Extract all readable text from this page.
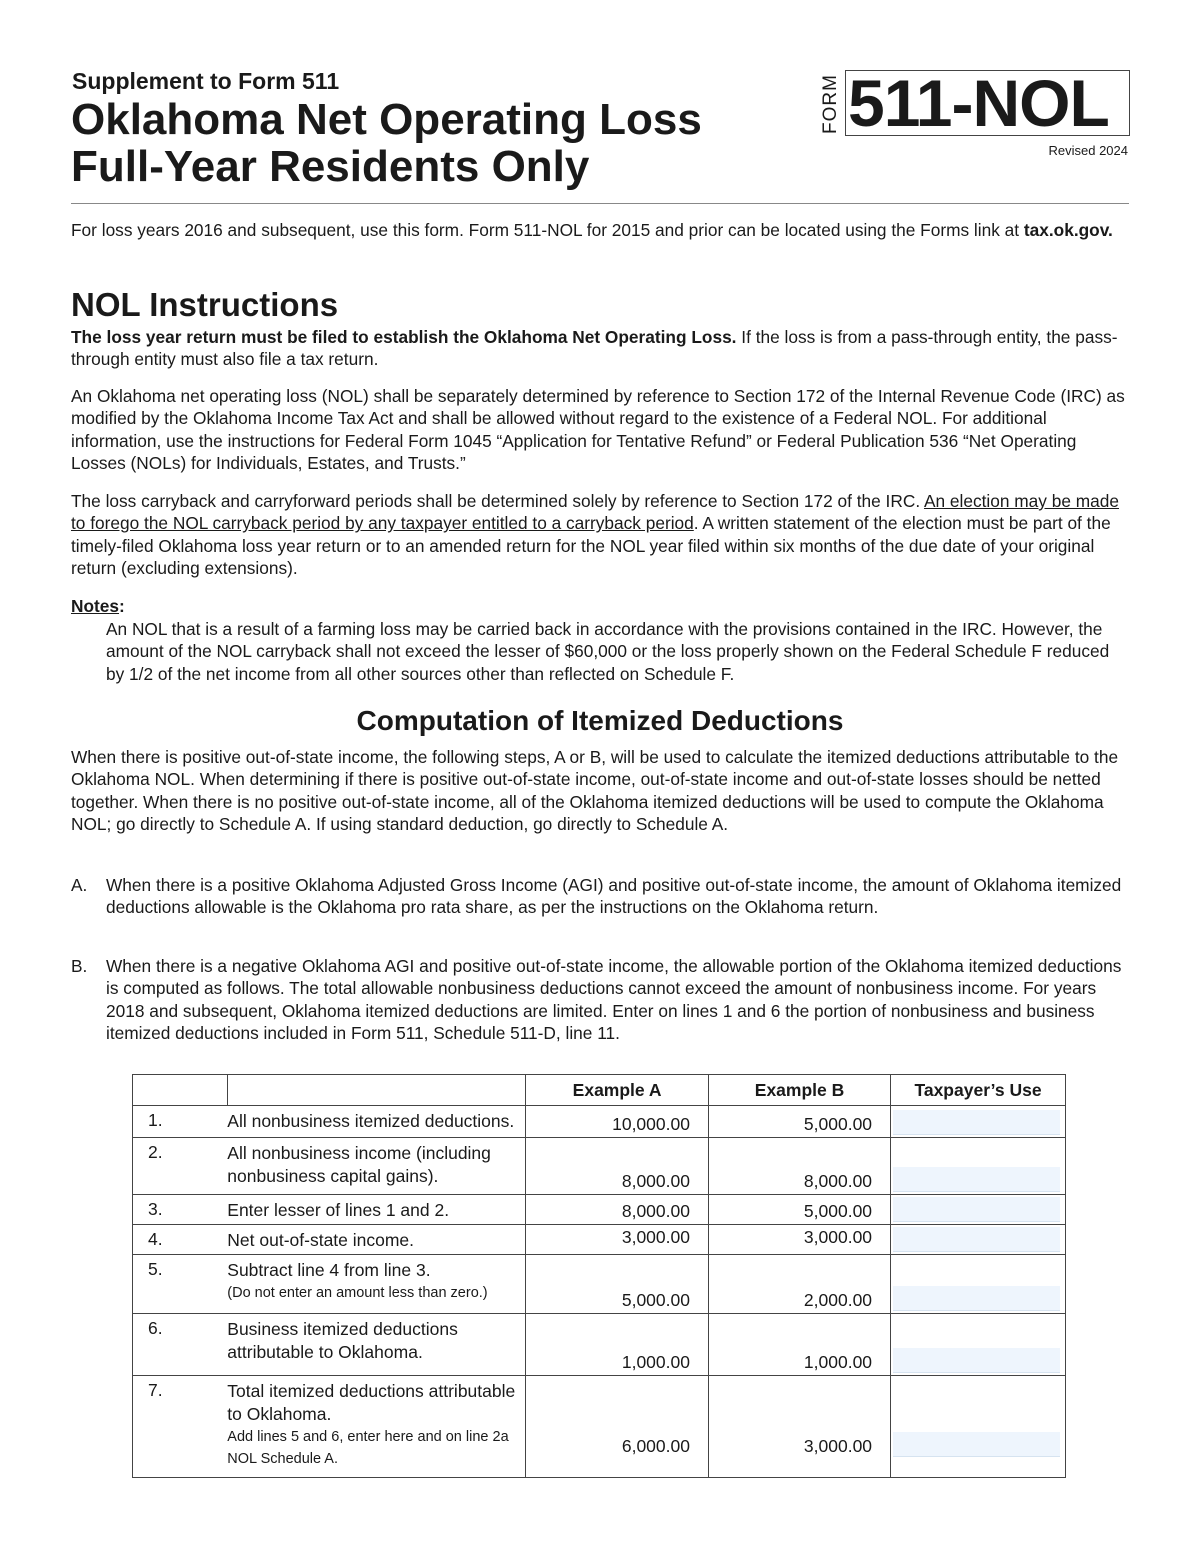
Supplement to Form 511
Oklahoma Net Operating Loss
Full-Year Residents Only
FORM 511-NOL
Revised 2024

For loss years 2016 and subsequent, use this form. Form 511-NOL for 2015 and prior can be located using the Forms link at tax.ok.gov.

NOL Instructions

The loss year return must be filed to establish the Oklahoma Net Operating Loss. If the loss is from a pass-through entity, the pass-through entity must also file a tax return.

An Oklahoma net operating loss (NOL) shall be separately determined by reference to Section 172 of the Internal Revenue Code (IRC) as modified by the Oklahoma Income Tax Act and shall be allowed without regard to the existence of a Federal NOL. For additional information, use the instructions for Federal Form 1045 “Application for Tentative Refund” or Federal Publication 536 “Net Operating Losses (NOLs) for Individuals, Estates, and Trusts.”

The loss carryback and carryforward periods shall be determined solely by reference to Section 172 of the IRC. An election may be made to forego the NOL carryback period by any taxpayer entitled to a carryback period. A written statement of the election must be part of the timely-filed Oklahoma loss year return or to an amended return for the NOL year filed within six months of the due date of your original return (excluding extensions).

Notes:

An NOL that is a result of a farming loss may be carried back in accordance with the provisions contained in the IRC. However, the amount of the NOL carryback shall not exceed the lesser of $60,000 or the loss properly shown on the Federal Schedule F reduced by 1/2 of the net income from all other sources other than reflected on Schedule F.

Computation of Itemized Deductions

When there is positive out-of-state income, the following steps, A or B, will be used to calculate the itemized deductions attributable to the Oklahoma NOL. When determining if there is positive out-of-state income, out-of-state income and out-of-state losses should be netted together. When there is no positive out-of-state income, all of the Oklahoma itemized deductions will be used to compute the Oklahoma NOL; go directly to Schedule A. If using standard deduction, go directly to Schedule A.

A. When there is a positive Oklahoma Adjusted Gross Income (AGI) and positive out-of-state income, the amount of Oklahoma itemized deductions allowable is the Oklahoma pro rata share, as per the instructions on the Oklahoma return.
B. When there is a negative Oklahoma AGI and positive out-of-state income, the allowable portion of the Oklahoma itemized deductions is computed as follows. The total allowable nonbusiness deductions cannot exceed the amount of nonbusiness income. For years 2018 and subsequent, Oklahoma itemized deductions are limited. Enter on lines 1 and 6 the portion of nonbusiness and business itemized deductions included in Form 511, Schedule 511-D, line 11.
		Example A	Example B	Taxpayer’s Use
1.	All nonbusiness itemized deductions.	10,000.00	5,000.00	

2.	All nonbusiness income (including nonbusiness capital gains).	8,000.00	8,000.00	

3.	Enter lesser of lines 1 and 2.	8,000.00	5,000.00	

4.	Net out-of-state income.	3,000.00	3,000.00	

5.	Subtract line 4 from line 3.
(Do not enter an amount less than zero.)	5,000.00	2,000.00	

6.	Business itemized deductions attributable to Oklahoma.	1,000.00	1,000.00	

7.	Total itemized deductions attributable to Oklahoma.
Add lines 5 and 6, enter here and on line 2a NOL Schedule A.	6,000.00	3,000.00	
